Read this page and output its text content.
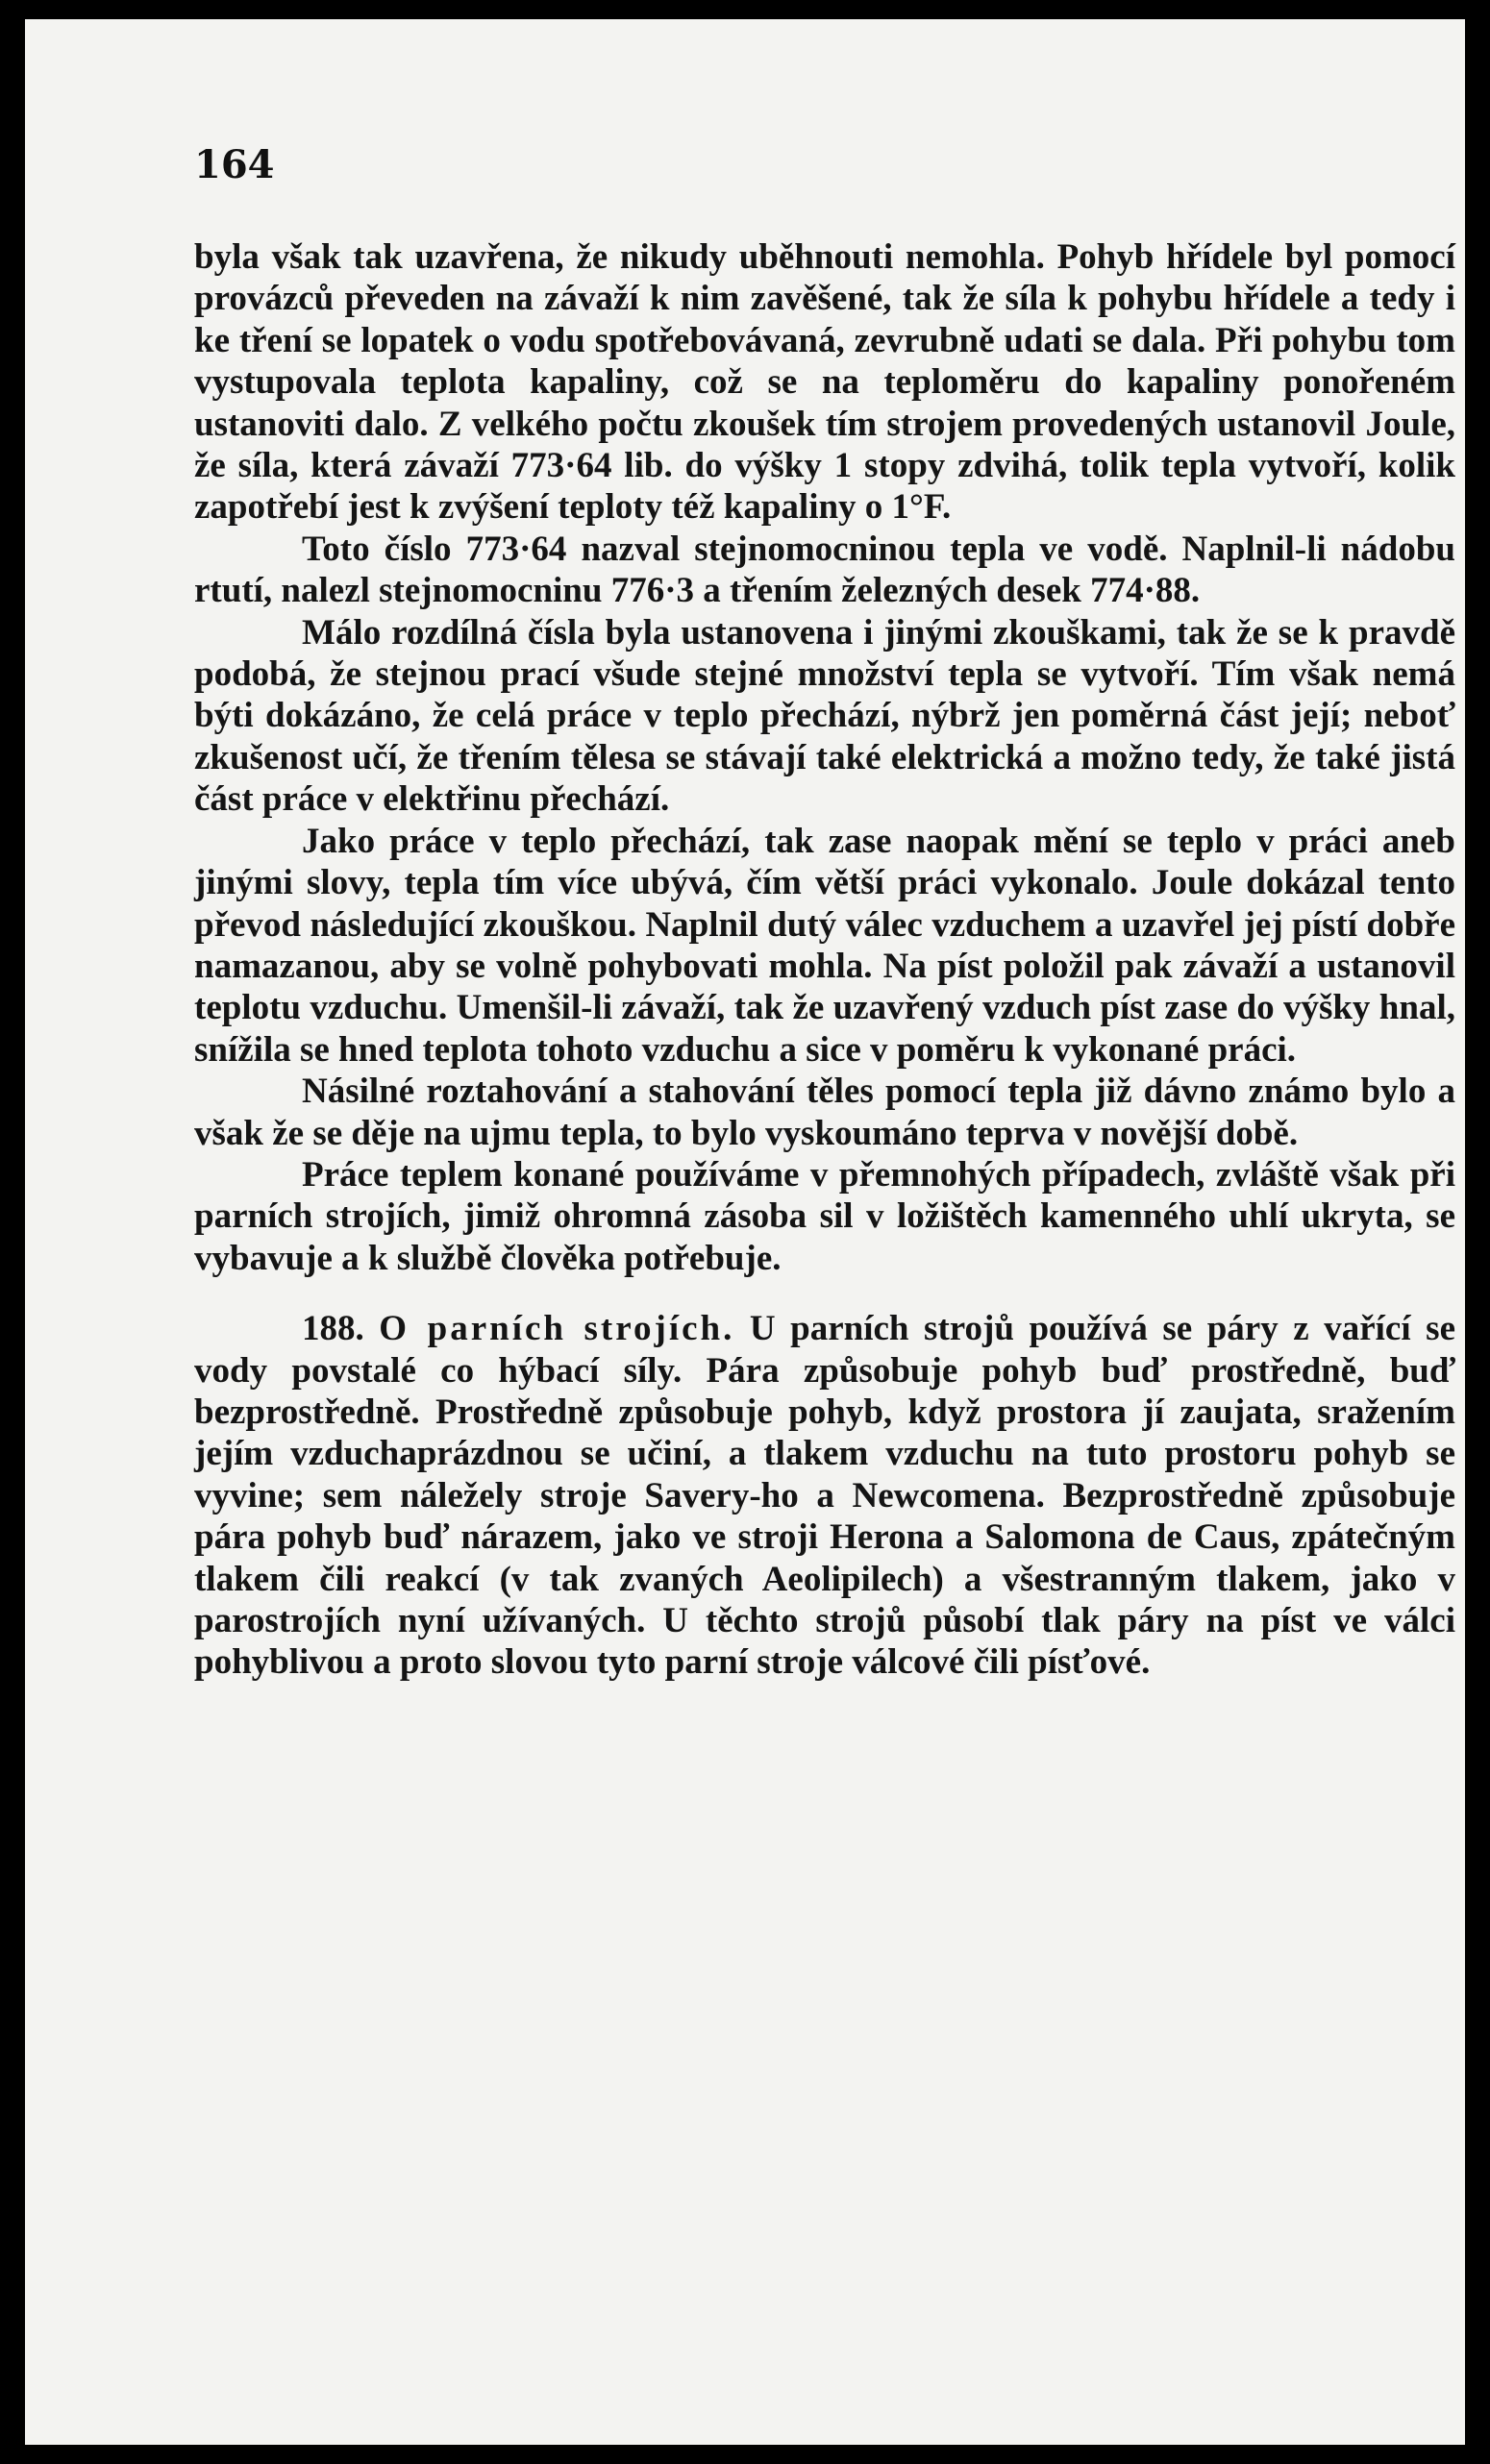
164

byla však tak uzavřena, že nikudy uběhnouti nemohla. Pohyb hřídele byl pomocí provázců převeden na závaží k nim zavěšené, tak že síla k pohybu hřídele a tedy i ke tření se lopatek o vodu spotřebovávaná, zevrubně udati se dala. Při pohybu tom vystupovala teplota kapaliny, což se na teploměru do kapaliny ponořeném ustanoviti dalo. Z velkého počtu zkoušek tím strojem provedených ustanovil Joule, že síla, která závaží 773·64 lib. do výšky 1 stopy zdvihá, tolik tepla vytvoří, kolik zapotřebí jest k zvýšení teploty též kapaliny o 1°F.

Toto číslo 773·64 nazval stejnomocninou tepla ve vodě. Naplnil-li nádobu rtutí, nalezl stejnomocninu 776·3 a třením železných desek 774·88.

Málo rozdílná čísla byla ustanovena i jinými zkouškami, tak že se k pravdě podobá, že stejnou prací všude stejné množství tepla se vytvoří. Tím však nemá býti dokázáno, že celá práce v teplo přechází, nýbrž jen poměrná část její; neboť zkušenost učí, že třením tělesa se stávají také elektrická a možno tedy, že také jistá část práce v elektřinu přechází.

Jako práce v teplo přechází, tak zase naopak mění se teplo v práci aneb jinými slovy, tepla tím více ubývá, čím větší práci vykonalo. Joule dokázal tento převod následující zkouškou. Naplnil dutý válec vzduchem a uzavřel jej pístí dobře namazanou, aby se volně pohybovati mohla. Na píst položil pak závaží a ustanovil teplotu vzduchu. Umenšil-li závaží, tak že uzavřený vzduch píst zase do výšky hnal, snížila se hned teplota tohoto vzduchu a sice v poměru k vykonané práci.

Násilné roztahování a stahování těles pomocí tepla již dávno známo bylo a však že se děje na ujmu tepla, to bylo vyskoumáno teprva v novější době.

Práce teplem konané používáme v přemnohých případech, zvláště však při parních strojích, jimiž ohromná zásoba sil v ložištěch kamenného uhlí ukryta, se vybavuje a k službě člověka potřebuje.

188. O parních strojích. U parních strojů používá se páry z vařící se vody povstalé co hýbací síly. Pára způsobuje pohyb buď prostředně, buď bezprostředně. Prostředně způsobuje pohyb, když prostora jí zaujata, sražením jejím vzduchaprázdnou se učiní, a tlakem vzduchu na tuto prostoru pohyb se vyvine; sem náležely stroje Savery-ho a Newcomena. Bezprostředně způsobuje pára pohyb buď nárazem, jako ve stroji Herona a Salomona de Caus, zpátečným tlakem čili reakcí (v tak zvaných Aeolipilech) a všestranným tlakem, jako v parostrojích nyní užívaných. U těchto strojů působí tlak páry na píst ve válci pohyblivou a proto slovou tyto parní stroje válcové čili písťové.
